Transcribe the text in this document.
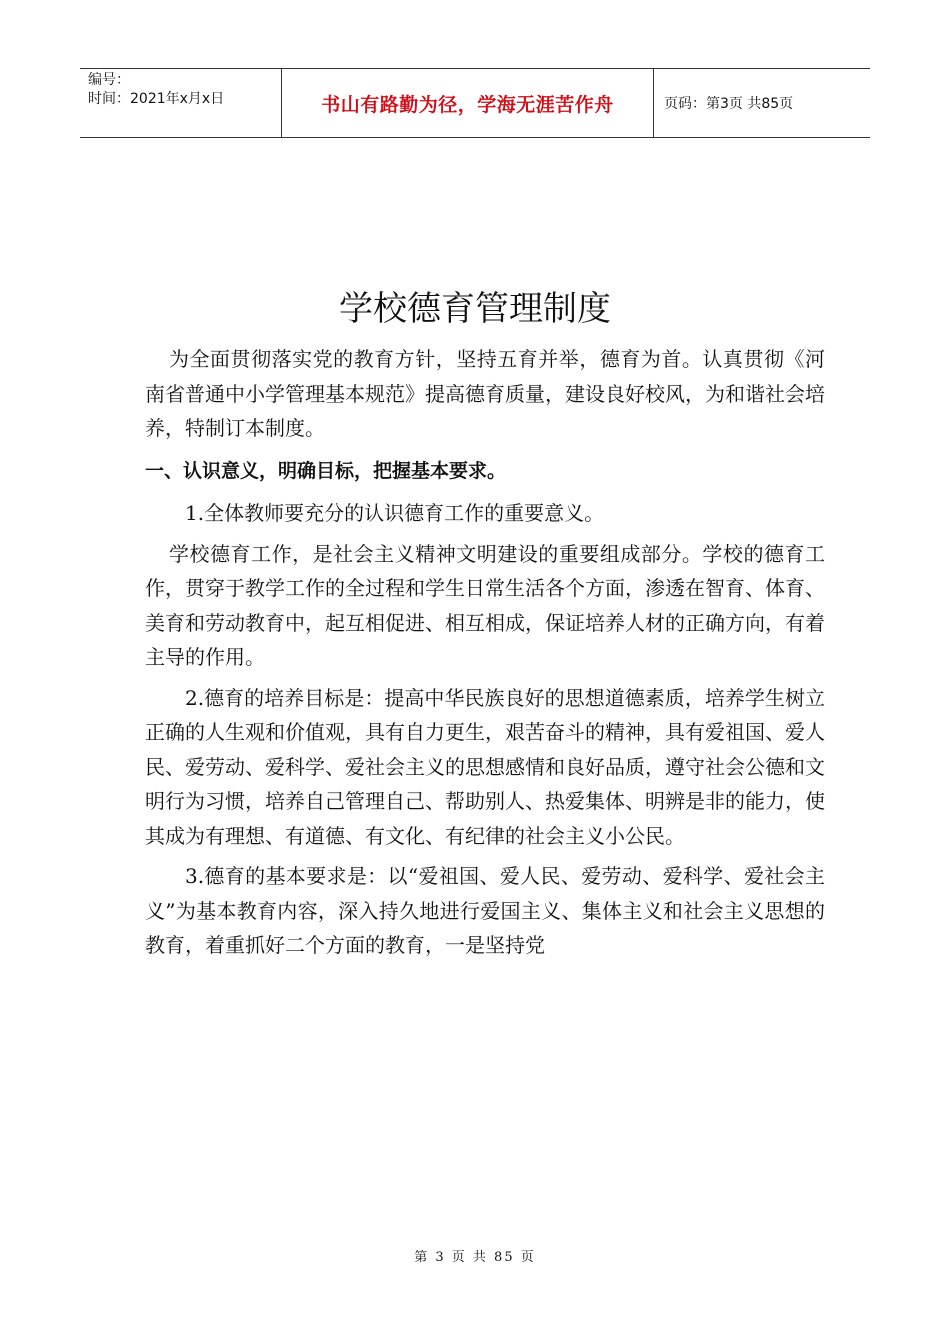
编号：
时间：2021年x月x日	书山有路勤为径，学海无涯苦作舟	页码：第3页 共85页
学校德育管理制度

为全面贯彻落实党的教育方针，坚持五育并举，德育为首。认真贯彻《河南省普通中小学管理基本规范》提高德育质量，建设良好校风，为和谐社会培养，特制订本制度。

一、认识意义，明确目标，把握基本要求。

1.全体教师要充分的认识德育工作的重要意义。

学校德育工作，是社会主义精神文明建设的重要组成部分。学校的德育工作，贯穿于教学工作的全过程和学生日常生活各个方面，渗透在智育、体育、美育和劳动教育中，起互相促进、相互相成，保证培养人材的正确方向，有着主导的作用。

2.德育的培养目标是：提高中华民族良好的思想道德素质，培养学生树立正确的人生观和价值观，具有自力更生，艰苦奋斗的精神，具有爱祖国、爱人民、爱劳动、爱科学、爱社会主义的思想感情和良好品质，遵守社会公德和文明行为习惯，培养自己管理自己、帮助别人、热爱集体、明辨是非的能力，使其成为有理想、有道德、有文化、有纪律的社会主义小公民。

3.德育的基本要求是：以“爱祖国、爱人民、爱劳动、爱科学、爱社会主义”为基本教育内容，深入持久地进行爱国主义、集体主义和社会主义思想的教育，着重抓好二个方面的教育，一是坚持党

第 3 页 共 85 页
